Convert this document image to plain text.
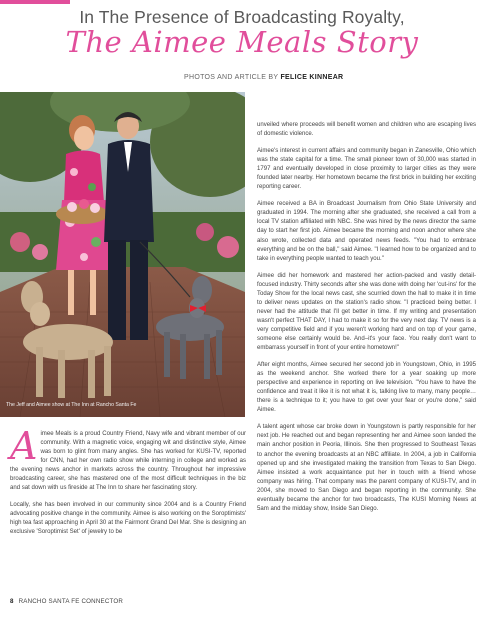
In The Presence of Broadcasting Royalty,
The Aimee Meals Story
PHOTOS AND ARTICLE BY FELICE KINNEAR
The Jeff and Aimee show at The Inn at Rancho Santa Fe

unveiled where proceeds will benefit women and children who are escaping lives of domestic violence.

Aimee's interest in current affairs and community began in Zanesville, Ohio which was the state capital for a time. The small pioneer town of 30,000 was started in 1797 and eventually developed in close proximity to larger cities as they were founded later nearby. Her hometown became the first brick in building her exciting reporting career.

Aimee received a BA in Broadcast Journalism from Ohio State University and graduated in 1994. The morning after she graduated, she received a call from a local TV station affiliated with NBC. She was hired by the news director the same day to start her first job. Aimee became the morning and noon anchor where she also wrote, collected data and operated news feeds. "You had to embrace everything and be on the ball," said Aimee. "I learned how to be organized and to take in everything people wanted to teach you."

Aimee did her homework and mastered her action-packed and vastly detail-focused industry. Thirty seconds after she was done with doing her 'cut-ins' for the Today Show for the local news cast, she scurried down the hall to make it in time to deliver news updates on the station's radio show. "I practiced being better. I never had the attitude that I'll get better in time. If my writing and presentation wasn't perfect THAT DAY, I had to make it so for the very next day. TV news is a very competitive field and if you weren't working hard and on top of your game, someone else certainly would be. And–it's your face. You really don't want to embarrass yourself in front of your entire hometown!"

After eight months, Aimee secured her second job in Youngstown, Ohio, in 1995 as the weekend anchor. She worked there for a year soaking up more perspective and experience in reporting on live television. "You have to have the confidence and treat it like it is not what it is, talking live to many, many people…there is a technique to it; you have to get over your fear or you're done," said Aimee.

A talent agent whose car broke down in Youngstown is partly responsible for her next job. He reached out and began representing her and Aimee soon landed the main anchor position in Peoria, Illinois. She then progressed to Southeast Texas to anchor the evening broadcasts at an NBC affiliate. In 2004, a job in California opened up and she investigated making the transition from Texas to San Diego. Aimee insisted a work acquaintance put her in touch with a friend whose company was hiring. That company was the parent company of KUSI-TV, and in 2004, she moved to San Diego and began reporting in the community. She eventually became the anchor for two broadcasts, The KUSI Morning News at 5am and the midday show, Inside San Diego.

A imee Meals is a proud Country Friend, Navy wife and vibrant member of our community. With a magnetic voice, engaging wit and distinctive style, Aimee was born to glint from many angles. She has worked for KUSI-TV, reported for CNN, had her own radio show while interning in college and worked as the evening news anchor in markets across the country. Throughout her impressive broadcasting career, she has mastered one of the most difficult techniques in the biz and sat down with us fireside at The Inn to share her fascinating story.

Locally, she has been involved in our community since 2004 and is a Country Friend advocating positive change in the community. Aimee is also working on the Soroptimists' high tea fast approaching in April 30 at the Fairmont Grand Del Mar. She is designing an exclusive 'Soroptimist Set' of jewelry to be

8 RANCHO SANTA FE CONNECTOR
